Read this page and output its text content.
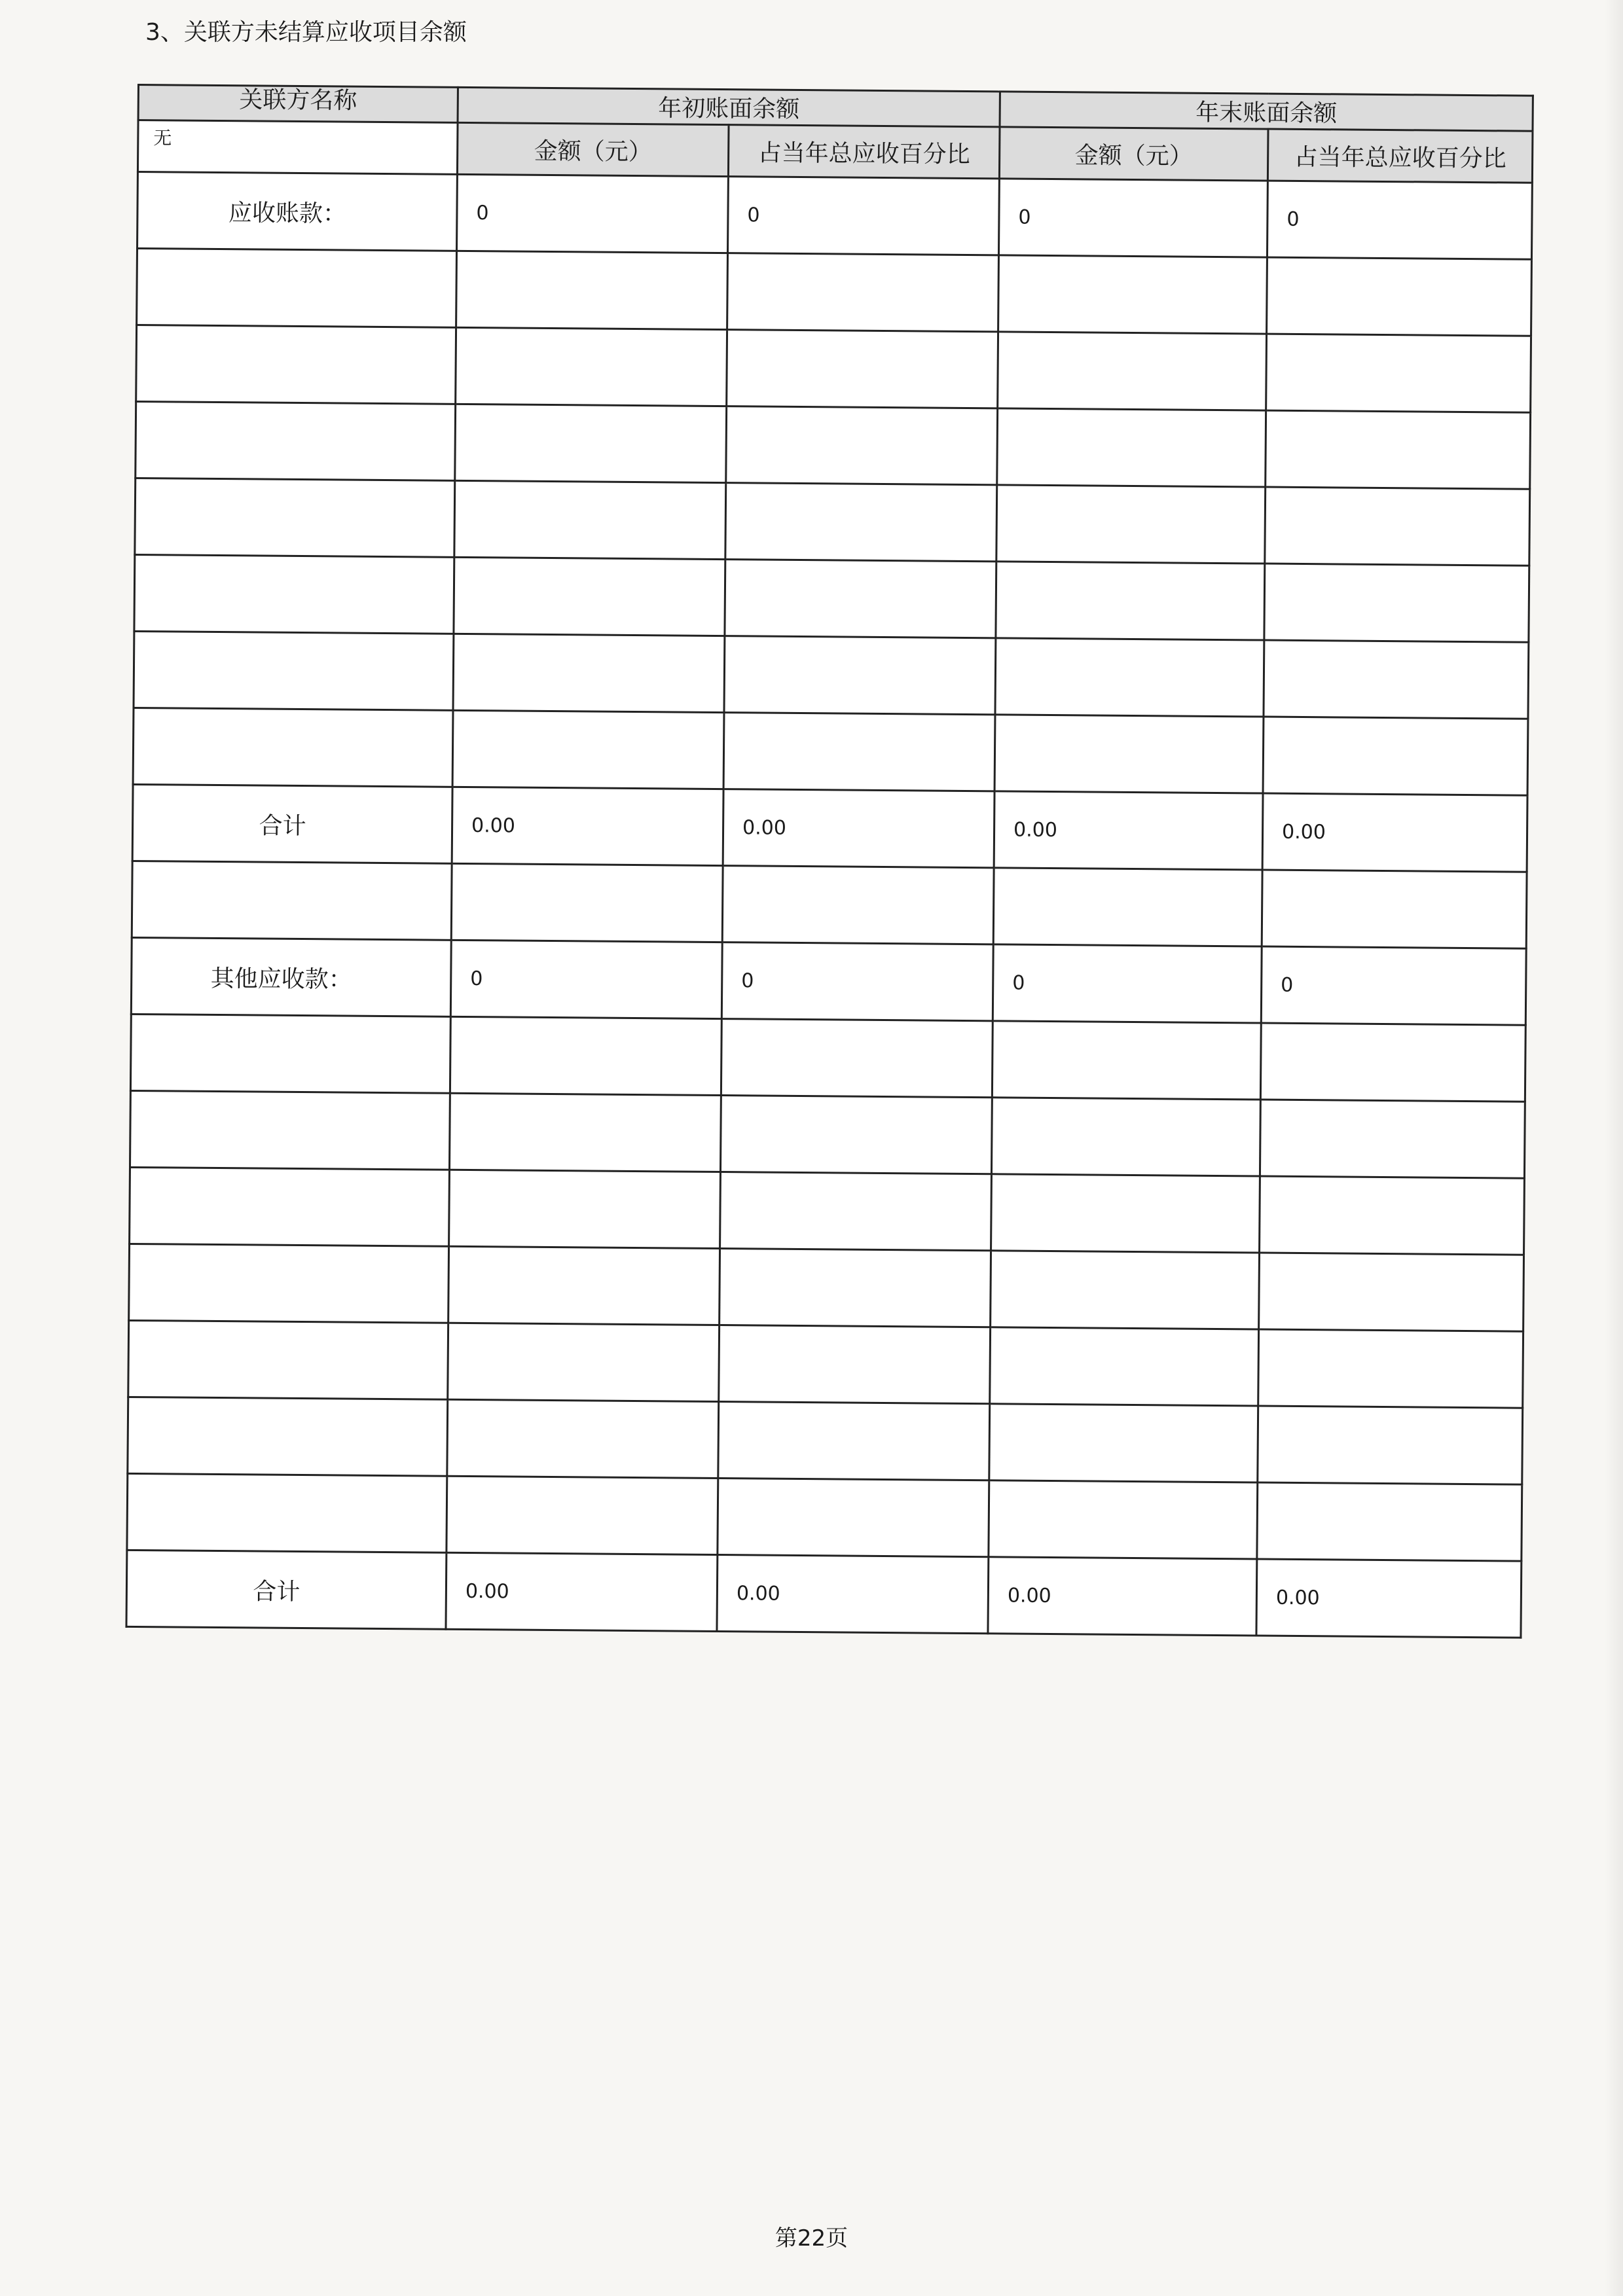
3、关联方未结算应收项目余额
关联方名称	年初账面余额		年末账面余额	
无	金额（元）	占当年总应收百分比	金额（元）	占当年总应收百分比
应收账款：	0	0	0	0

合计	0.00	0.00	0.00	0.00

其他应收款：	0	0	0	0

合计	0.00	0.00	0.00	0.00
第22页
